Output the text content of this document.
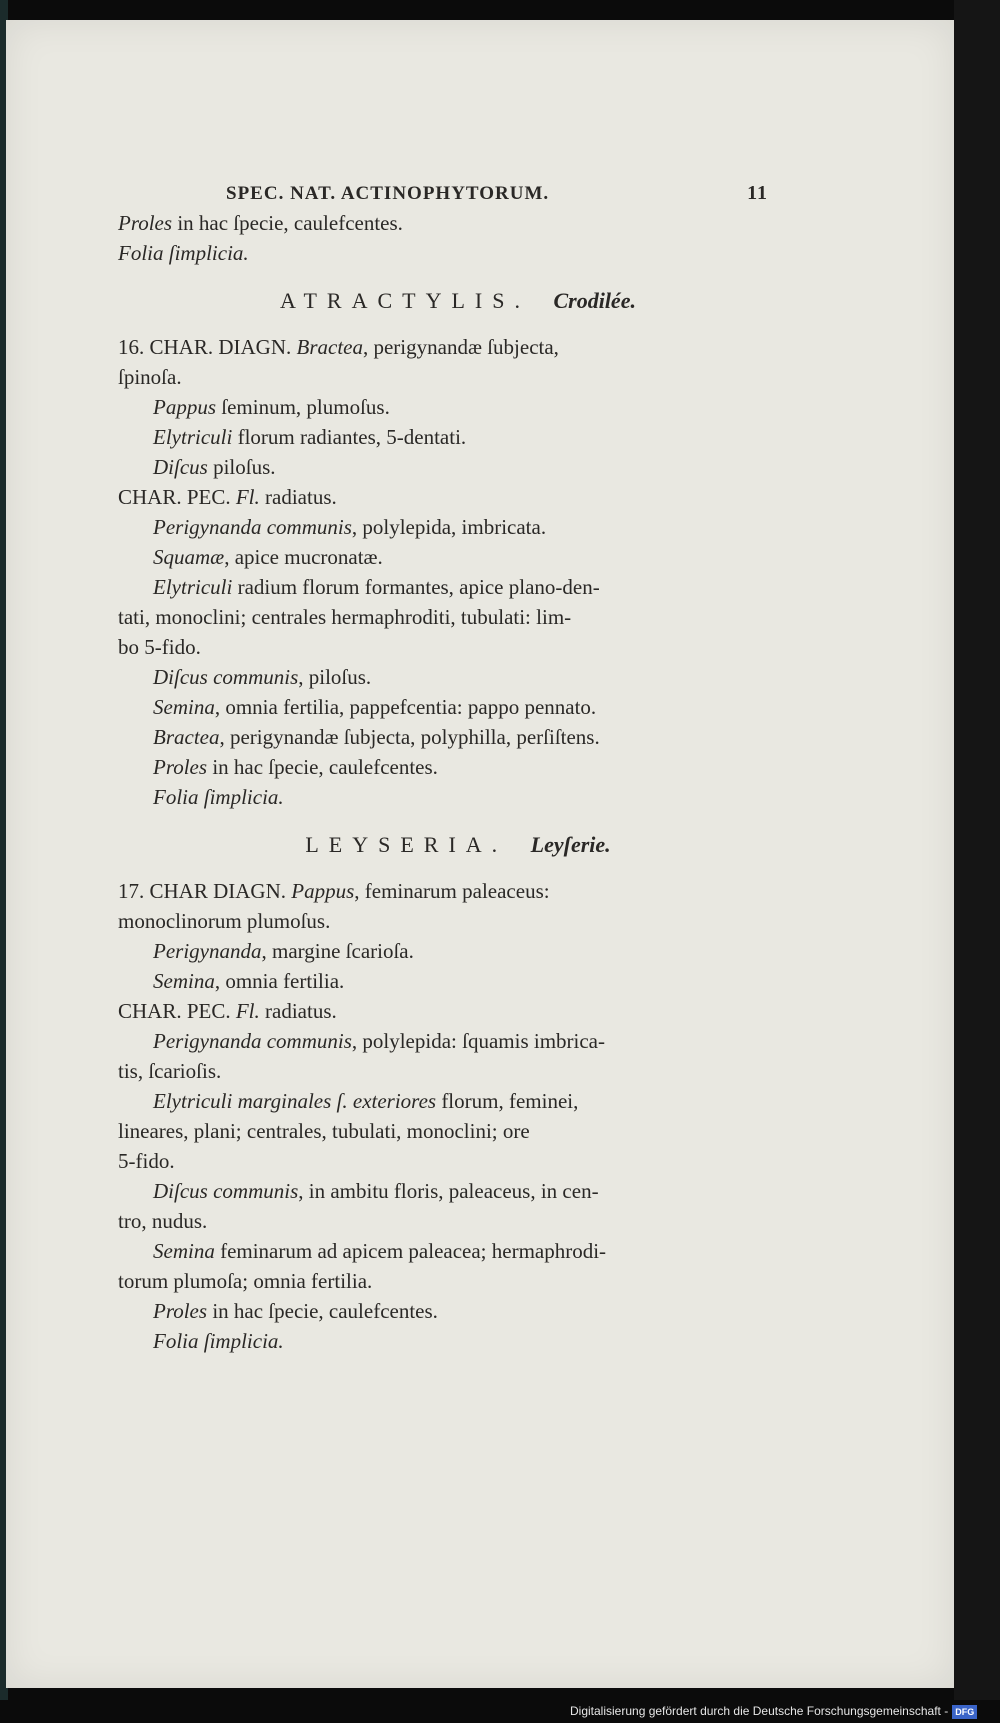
SPEC. NAT. ACTINOPHYTORUM.	11
Proles in hac ſpecie, caulefcentes.
Folia ſimplicia.
ATRACTYLIS. Crodilée.
16. CHAR. DIAGN. Bractea, perigynandæ ſubjecta,
ſpinoſa.
Pappus ſeminum, plumoſus.
Elytriculi florum radiantes, 5-dentati.
Diſcus piloſus.
CHAR. PEC. Fl. radiatus.
Perigynanda communis, polylepida, imbricata.
Squamæ, apice mucronatæ.
Elytriculi radium florum formantes, apice plano-den-
tati, monoclini; centrales hermaphroditi, tubulati: lim-
bo 5-fido.
Diſcus communis, piloſus.
Semina, omnia fertilia, pappefcentia: pappo pennato.
Bractea, perigynandæ ſubjecta, polyphilla, perſiſtens.
Proles in hac ſpecie, caulefcentes.
Folia ſimplicia.
LEYSERIA. Leyſerie.
17. CHAR DIAGN. Pappus, feminarum paleaceus:
monoclinorum plumoſus.
Perigynanda, margine ſcarioſa.
Semina, omnia fertilia.
CHAR. PEC. Fl. radiatus.
Perigynanda communis, polylepida: ſquamis imbrica-
tis, ſcarioſis.
Elytriculi marginales ſ. exteriores florum, feminei,
lineares, plani; centrales, tubulati, monoclini; ore
5-fido.
Diſcus communis, in ambitu floris, paleaceus, in cen-
tro, nudus.
Semina feminarum ad apicem paleacea; hermaphrodi-
torum plumoſa; omnia fertilia.
Proles in hac ſpecie, caulefcentes.
Folia ſimplicia.
Digitalisierung gefördert durch die Deutsche Forschungsgemeinschaft - DFG
